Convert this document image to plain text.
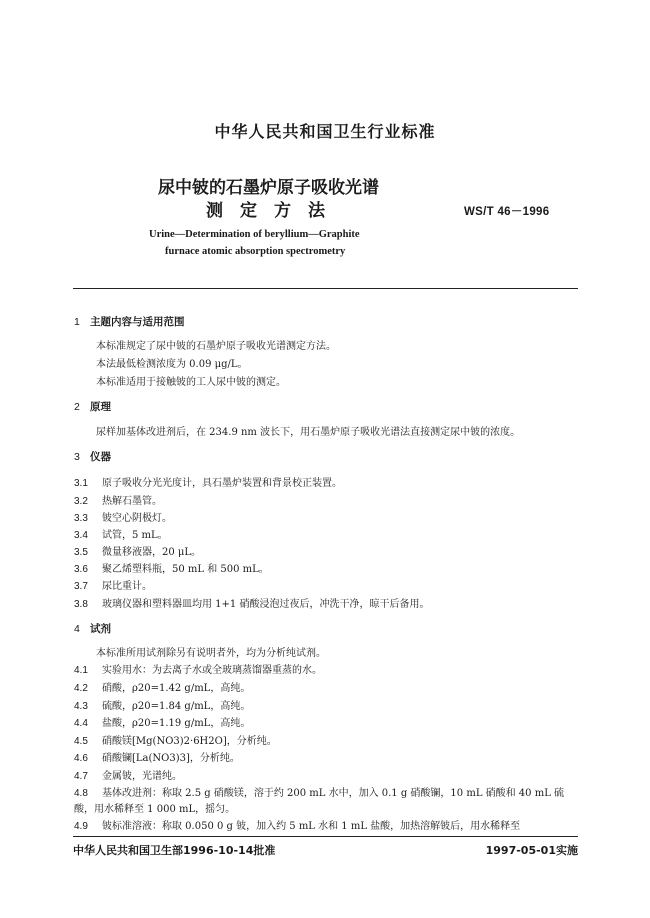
中华人民共和国卫生行业标准
尿中铍的石墨炉原子吸收光谱
测定方法	WS/T 46－1996
Urine—Determination of beryllium—Graphite
furnace atomic absorption spectrometry
1 主题内容与适用范围
本标准规定了尿中铍的石墨炉原子吸收光谱测定方法。
本法最低检测浓度为 0.09 μg/L。
本标准适用于接触铍的工人尿中铍的测定。
2 原理
尿样加基体改进剂后，在 234.9 nm 波长下，用石墨炉原子吸收光谱法直接测定尿中铍的浓度。
3 仪器
3.1 原子吸收分光光度计，具石墨炉装置和背景校正装置。
3.2 热解石墨管。
3.3 铍空心阴极灯。
3.4 试管，5 mL。
3.5 微量移液器，20 μL。
3.6 聚乙烯塑料瓶，50 mL 和 500 mL。
3.7 尿比重计。
3.8 玻璃仪器和塑料器皿均用 1+1 硝酸浸泡过夜后，冲洗干净，晾干后备用。
4 试剂
本标准所用试剂除另有说明者外，均为分析纯试剂。
4.1 实验用水：为去离子水或全玻璃蒸馏器重蒸的水。
4.2 硝酸，ρ20=1.42 g/mL，高纯。
4.3 硫酸，ρ20=1.84 g/mL，高纯。
4.4 盐酸，ρ20=1.19 g/mL，高纯。
4.5 硝酸镁[Mg(NO3)2·6H2O]，分析纯。
4.6 硝酸镧[La(NO3)3]，分析纯。
4.7 金属铍，光谱纯。
4.8 基体改进剂：称取 2.5 g 硝酸镁，溶于约 200 mL 水中，加入 0.1 g 硝酸镧，10 mL 硝酸和 40 mL 硫
酸，用水稀释至 1 000 mL，摇匀。
4.9 铍标准溶液：称取 0.050 0 g 铍，加入约 5 mL 水和 1 mL 盐酸，加热溶解铍后，用水稀释至
中华人民共和国卫生部1996-10-14批准	1997-05-01实施
